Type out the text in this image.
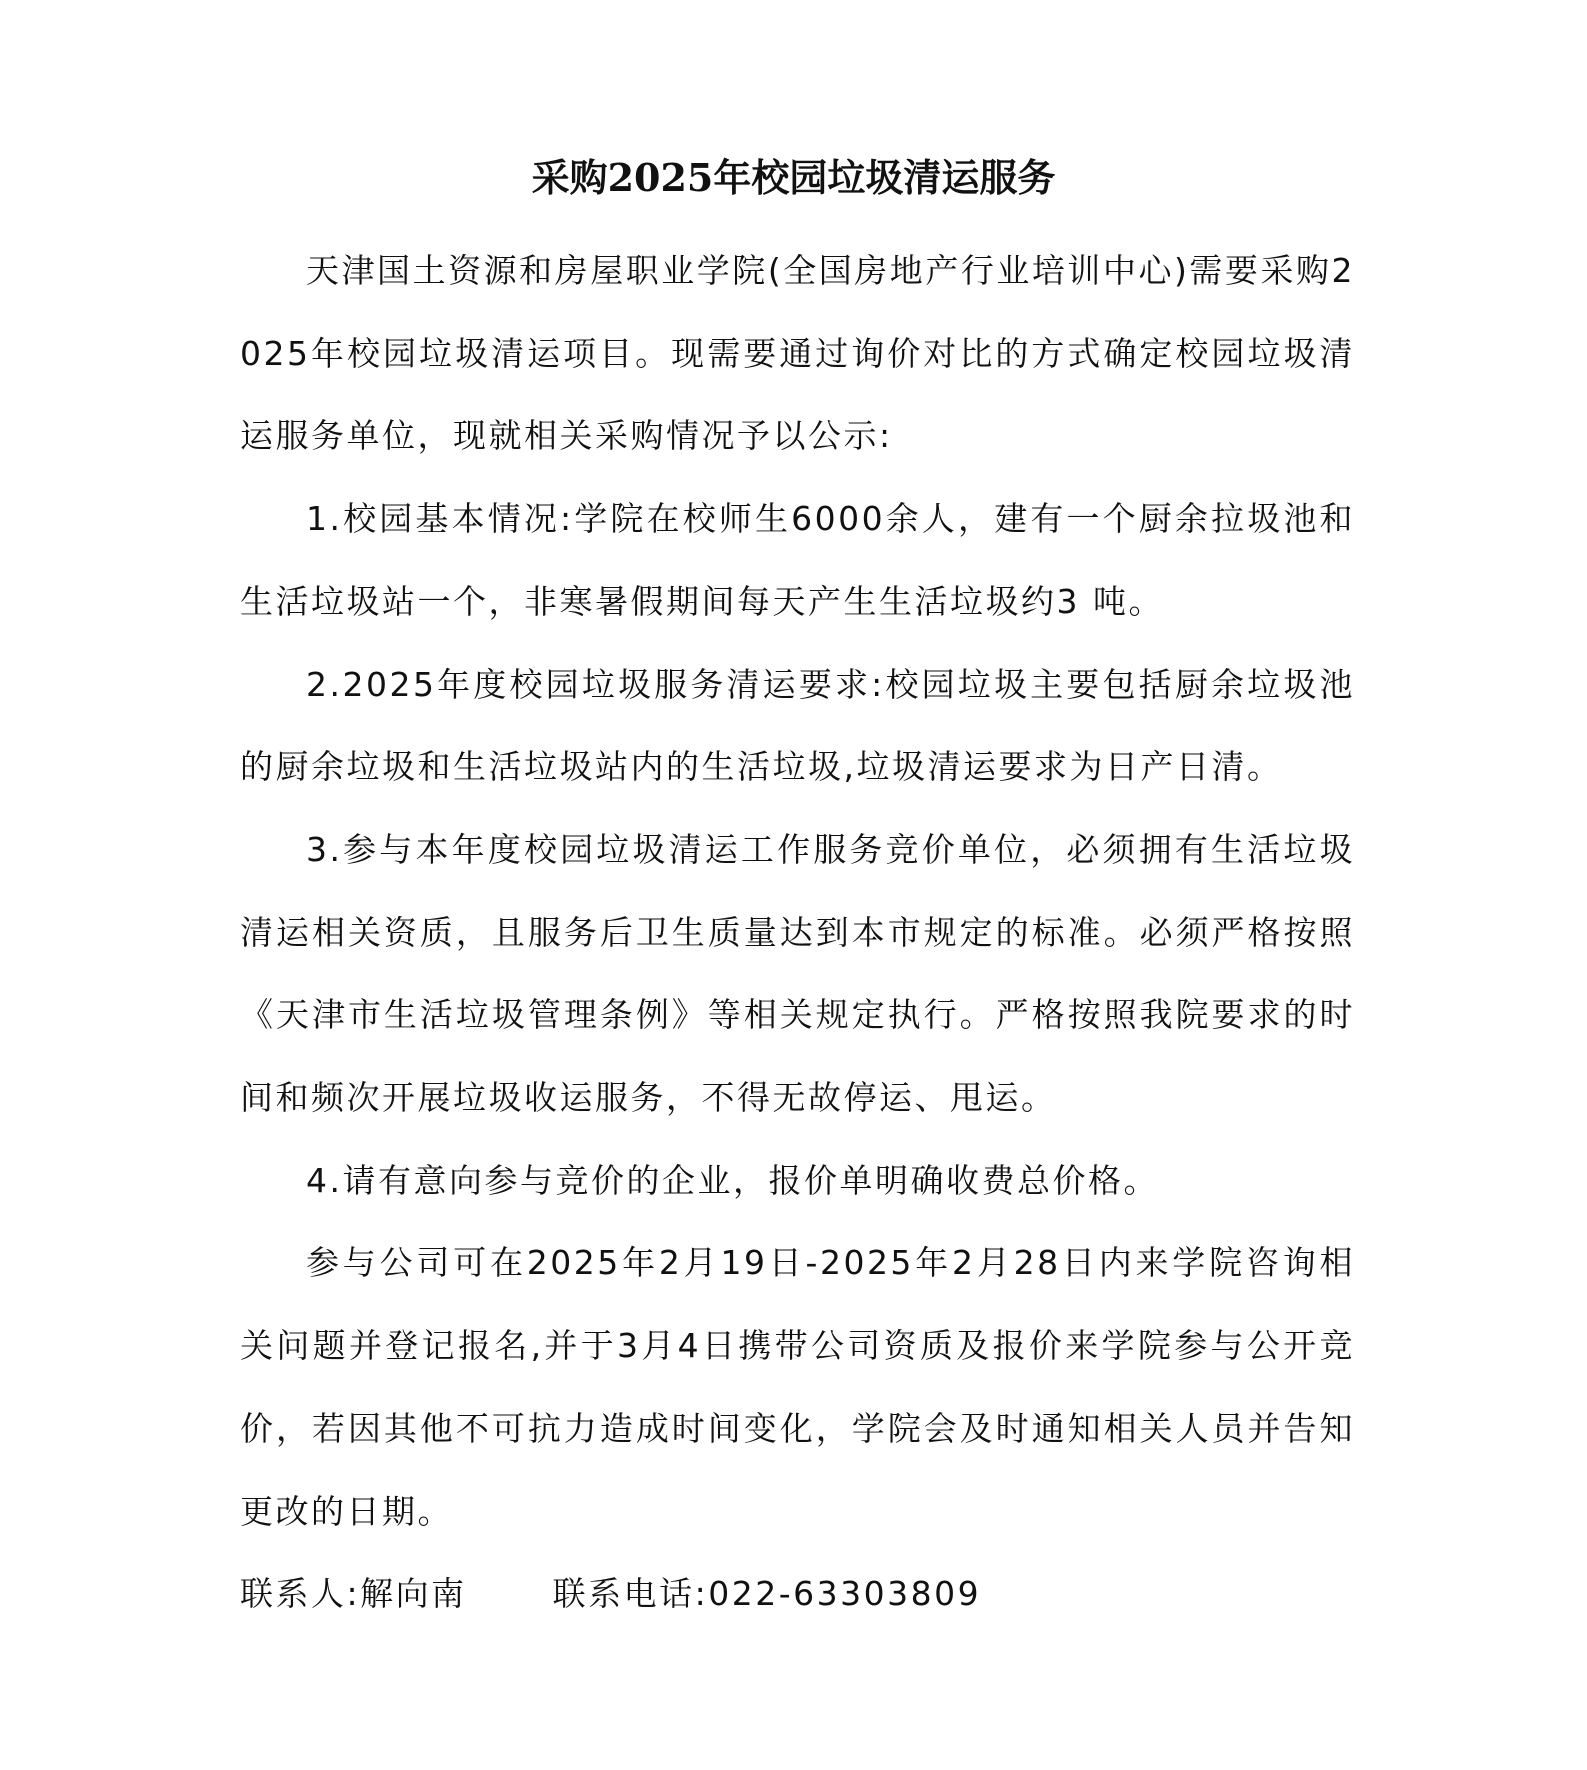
采购2025年校园垃圾清运服务

天津国土资源和房屋职业学院(全国房地产行业培训中心)需要采购2025年校园垃圾清运项目。现需要通过询价对比的方式确定校园垃圾清运服务单位，现就相关采购情况予以公示:

1.校园基本情况:学院在校师生6000余人，建有一个厨余拉圾池和生活垃圾站一个，非寒暑假期间每天产生生活垃圾约3 吨。

2.2025年度校园垃圾服务清运要求:校园垃圾主要包括厨余垃圾池的厨余垃圾和生活垃圾站内的生活垃圾,垃圾清运要求为日产日清。

3.参与本年度校园垃圾清运工作服务竞价单位，必须拥有生活垃圾清运相关资质，且服务后卫生质量达到本市规定的标准。必须严格按照《天津市生活垃圾管理条例》等相关规定执行。严格按照我院要求的时间和频次开展垃圾收运服务，不得无故停运、甩运。

4.请有意向参与竞价的企业，报价单明确收费总价格。

参与公司可在2025年2月19日-2025年2月28日内来学院咨询相关问题并登记报名,并于3月4日携带公司资质及报价来学院参与公开竞价，若因其他不可抗力造成时间变化，学院会及时通知相关人员并告知更改的日期。

联系人:解向南	联系电话:022-63303809
